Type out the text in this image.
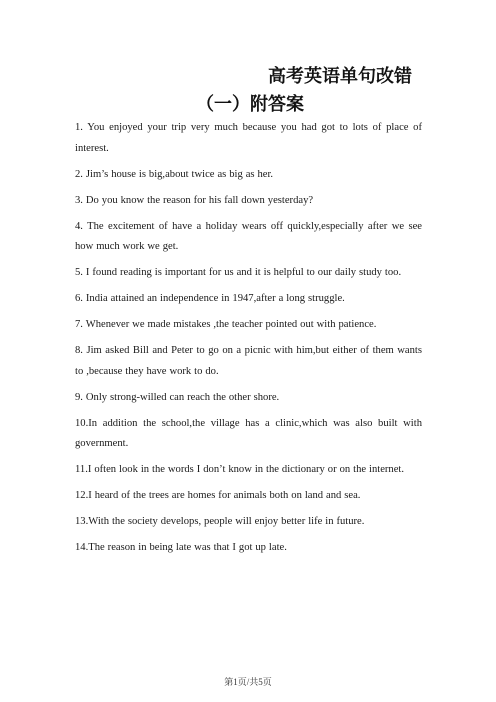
高考英语单句改错
（一）附答案

1. You enjoyed your trip very much because you had got to lots of place of interest.

2. Jim’s house is big,about twice as big as her.

3. Do you know the reason for his fall down yesterday?

4. The excitement of have a holiday wears off quickly,especially after we see how much work we get.

5. I found reading is important for us and it is helpful to our daily study too.

6. India attained an independence in 1947,after a long struggle.

7. Whenever we made mistakes ,the teacher pointed out with patience.

8. Jim asked Bill and Peter to go on a picnic with him,but either of them wants to ,because they have work to do.

9. Only strong-willed can reach the other shore.

10.In addition the school,the village has a clinic,which was also built with government.

11.I often look in the words I don’t know in the dictionary or on the internet.

12.I heard of the trees are homes for animals both on land and sea.

13.With the society develops, people will enjoy better life in future.

14.The reason in being late was that I got up late.

第1页/共5页
